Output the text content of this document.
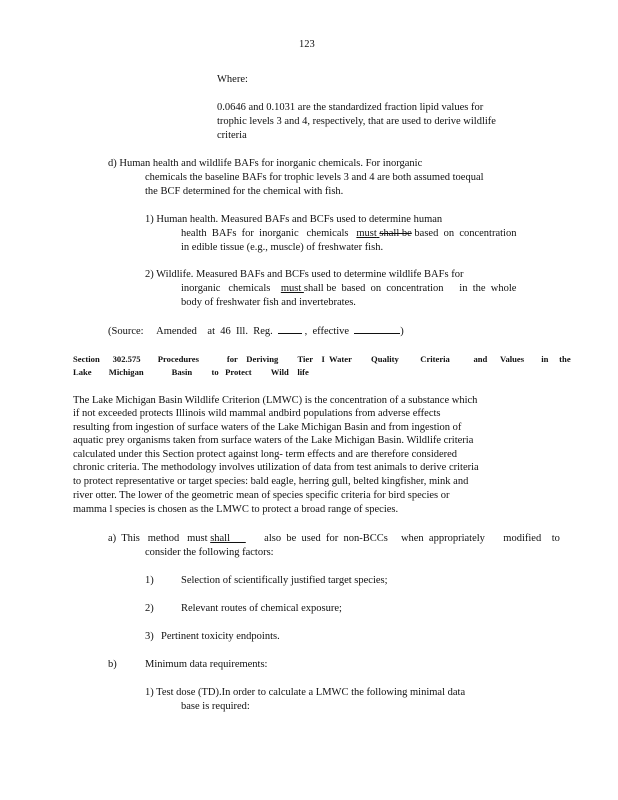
123
Where:
0.0646 and 0.1031 are the standardized fraction lipid values for
trophic levels 3 and 4, respectively, that are used to derive wildlife
criteria
d) Human health and wildlife BAFs for inorganic chemicals. For inorganic
chemicals the baseline BAFs for trophic levels 3 and 4 are both assumed toequal
the BCF determined for the chemical with fish.
1) Human health. Measured BAFs and BCFs used to determine human
health  BAFs  for  inorganic   chemicals   must shall be based  on  concentration
in edible tissue (e.g., muscle) of freshwater fish.
2) Wildlife. Measured BAFs and BCFs used to determine wildlife BAFs for
inorganic   chemicals    must shall be  based  on  concentration      in  the  whole
body of freshwater fish and invertebrates.
(Source:     Amended    at  46  Ill.  Reg.   ,  effective	)
Section      302.575        Procedures             for    Deriving         Tier    I  Water         Quality          Criteria           and      Values        in     the
Lake        Michigan             Basin         to   Protect         Wild    life
The Lake Michigan Basin Wildlife Criterion (LMWC) is the concentration of a substance which
if not exceeded protects Illinois wild mammal andbird populations from adverse effects
resulting from ingestion of surface waters of the Lake Michigan Basin and from ingestion of
aquatic prey organisms taken from surface waters of the Lake Michigan Basin. Wildlife criteria
calculated under this Section protect against long- term effects and are therefore considered
chronic criteria. The methodology involves utilization of data from test animals to derive criteria
to protect representative or target species: bald eagle, herring gull, belted kingfisher, mink and
river otter. The lower of the geometric mean of species specific criteria for bird species or
mamma l species is chosen as the LMWC to protect a broad range of species.
a)  This   method   must shall             also  be  used  for  non-BCCs     when  appropriately       modified    to
consider the following factors:
1)	Selection of scientifically justified target species;
2)	Relevant routes of chemical exposure;
3) Pertinent toxicity endpoints.
b)	Minimum data requirements:
1) Test dose (TD).In order to calculate a LMWC the following minimal data
base is required:
